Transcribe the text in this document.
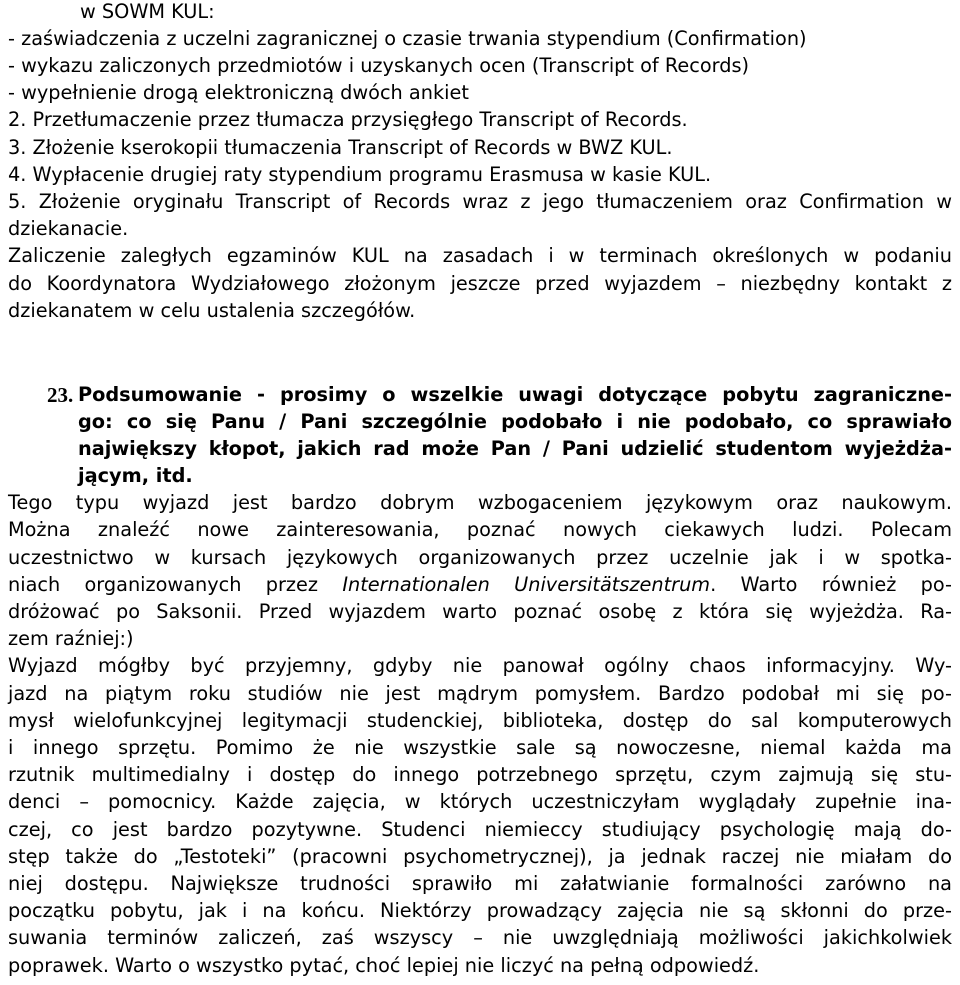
w SOWM KUL:
- zaświadczenia z uczelni zagranicznej o czasie trwania stypendium (Confirmation)
- wykazu zaliczonych przedmiotów i uzyskanych ocen (Transcript of Records)
- wypełnienie drogą elektroniczną dwóch ankiet
2. Przetłumaczenie przez tłumacza przysięgłego Transcript of Records.
3. Złożenie kserokopii tłumaczenia Transcript of Records w BWZ KUL.
4. Wypłacenie drugiej raty stypendium programu Erasmusa w kasie KUL.
5. Złożenie oryginału Transcript of Records wraz z jego tłumaczeniem oraz Confirmation w
dziekanacie.
Zaliczenie zaległych egzaminów KUL na zasadach i w terminach określonych w podaniu
do Koordynatora Wydziałowego złożonym jeszcze przed wyjazdem – niezbędny kontakt z
dziekanatem w celu ustalenia szczegółów.
23. Podsumowanie - prosimy o wszelkie uwagi dotyczące pobytu zagraniczne-
go: co się Panu / Pani szczególnie podobało i nie podobało, co sprawiało
największy kłopot, jakich rad może Pan / Pani udzielić studentom wyjeżdża-
jącym, itd.
Tego typu wyjazd jest bardzo dobrym wzbogaceniem językowym oraz naukowym.
Można znaleźć nowe zainteresowania, poznać nowych ciekawych ludzi. Polecam
uczestnictwo w kursach językowych organizowanych przez uczelnie jak i w spotka-
niach organizowanych przez Internationalen Universitätszentrum. Warto również po-
dróżować po Saksonii. Przed wyjazdem warto poznać osobę z która się wyjeżdża. Ra-
zem raźniej:)
Wyjazd mógłby być przyjemny, gdyby nie panował ogólny chaos informacyjny. Wy-
jazd na piątym roku studiów nie jest mądrym pomysłem. Bardzo podobał mi się po-
mysł wielofunkcyjnej legitymacji studenckiej, biblioteka, dostęp do sal komputerowych
i innego sprzętu. Pomimo że nie wszystkie sale są nowoczesne, niemal każda ma
rzutnik multimedialny i dostęp do innego potrzebnego sprzętu, czym zajmują się stu-
denci – pomocnicy. Każde zajęcia, w których uczestniczyłam wyglądały zupełnie ina-
czej, co jest bardzo pozytywne. Studenci niemieccy studiujący psychologię mają do-
stęp także do „Testoteki” (pracowni psychometrycznej), ja jednak raczej nie miałam do
niej dostępu. Największe trudności sprawiło mi załatwianie formalności zarówno na
początku pobytu, jak i na końcu. Niektórzy prowadzący zajęcia nie są skłonni do prze-
suwania terminów zaliczeń, zaś wszyscy – nie uwzględniają możliwości jakichkolwiek
poprawek. Warto o wszystko pytać, choć lepiej nie liczyć na pełną odpowiedź.
